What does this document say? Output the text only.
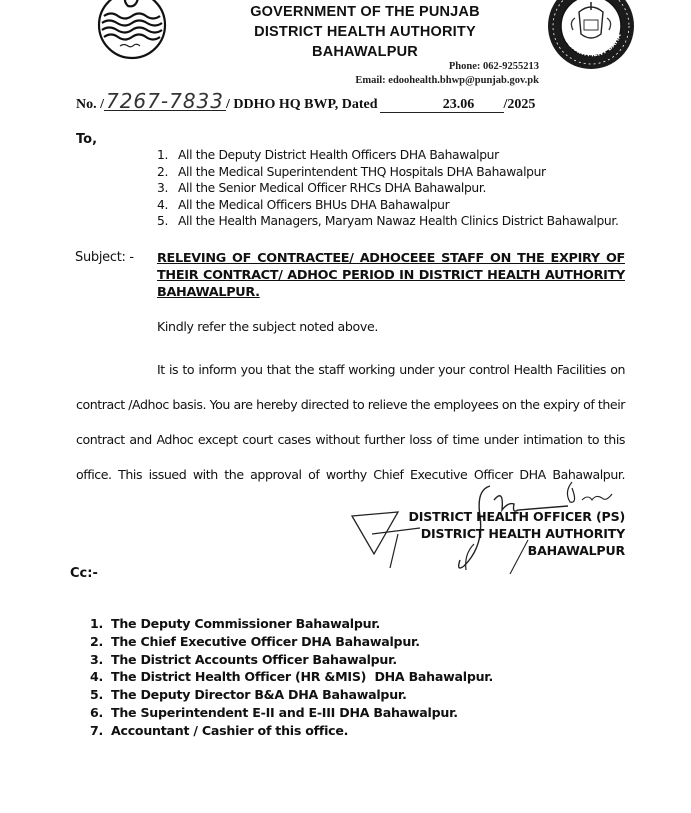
GOVERNMENT OF THE PUNJAB
DISTRICT HEALTH AUTHORITY
BAHAWALPUR
DEPARTMENT BAHA
Phone: 062-9255213
Email: edoohealth.bhwp@punjab.gov.pk
No. /7267-7833 / DDHO HQ BWP, Dated	23.06 /2025
To,
1. All the Deputy District Health Officers DHA Bahawalpur
2. All the Medical Superintendent THQ Hospitals DHA Bahawalpur
3. All the Senior Medical Officer RHCs DHA Bahawalpur.
4. All the Medical Officers BHUs DHA Bahawalpur
5. All the Health Managers, Maryam Nawaz Health Clinics District Bahawalpur.
Subject: - RELEVING OF CONTRACTEE/ ADHOCEEE STAFF ON THE EXPIRY OF THEIR CONTRACT/ ADHOC PERIOD IN DISTRICT HEALTH AUTHORITY BAHAWALPUR.
Kindly refer the subject noted above.
It is to inform you that the staff working under your control Health Facilities on contract /Adhoc basis. You are hereby directed to relieve the employees on the expiry of their contract and Adhoc except court cases without further loss of time under intimation to this office. This issued with the approval of worthy Chief Executive Officer DHA Bahawalpur.
DISTRICT HEALTH OFFICER (PS)
DISTRICT HEALTH AUTHORITY
BAHAWALPUR
Cc:-
1. The Deputy Commissioner Bahawalpur.
2. The Chief Executive Officer DHA Bahawalpur.
3. The District Accounts Officer Bahawalpur.
4. The District Health Officer (HR &MIS)  DHA Bahawalpur.
5. The Deputy Director B&A DHA Bahawalpur.
6. The Superintendent E-II and E-III DHA Bahawalpur.
7. Accountant / Cashier of this office.
